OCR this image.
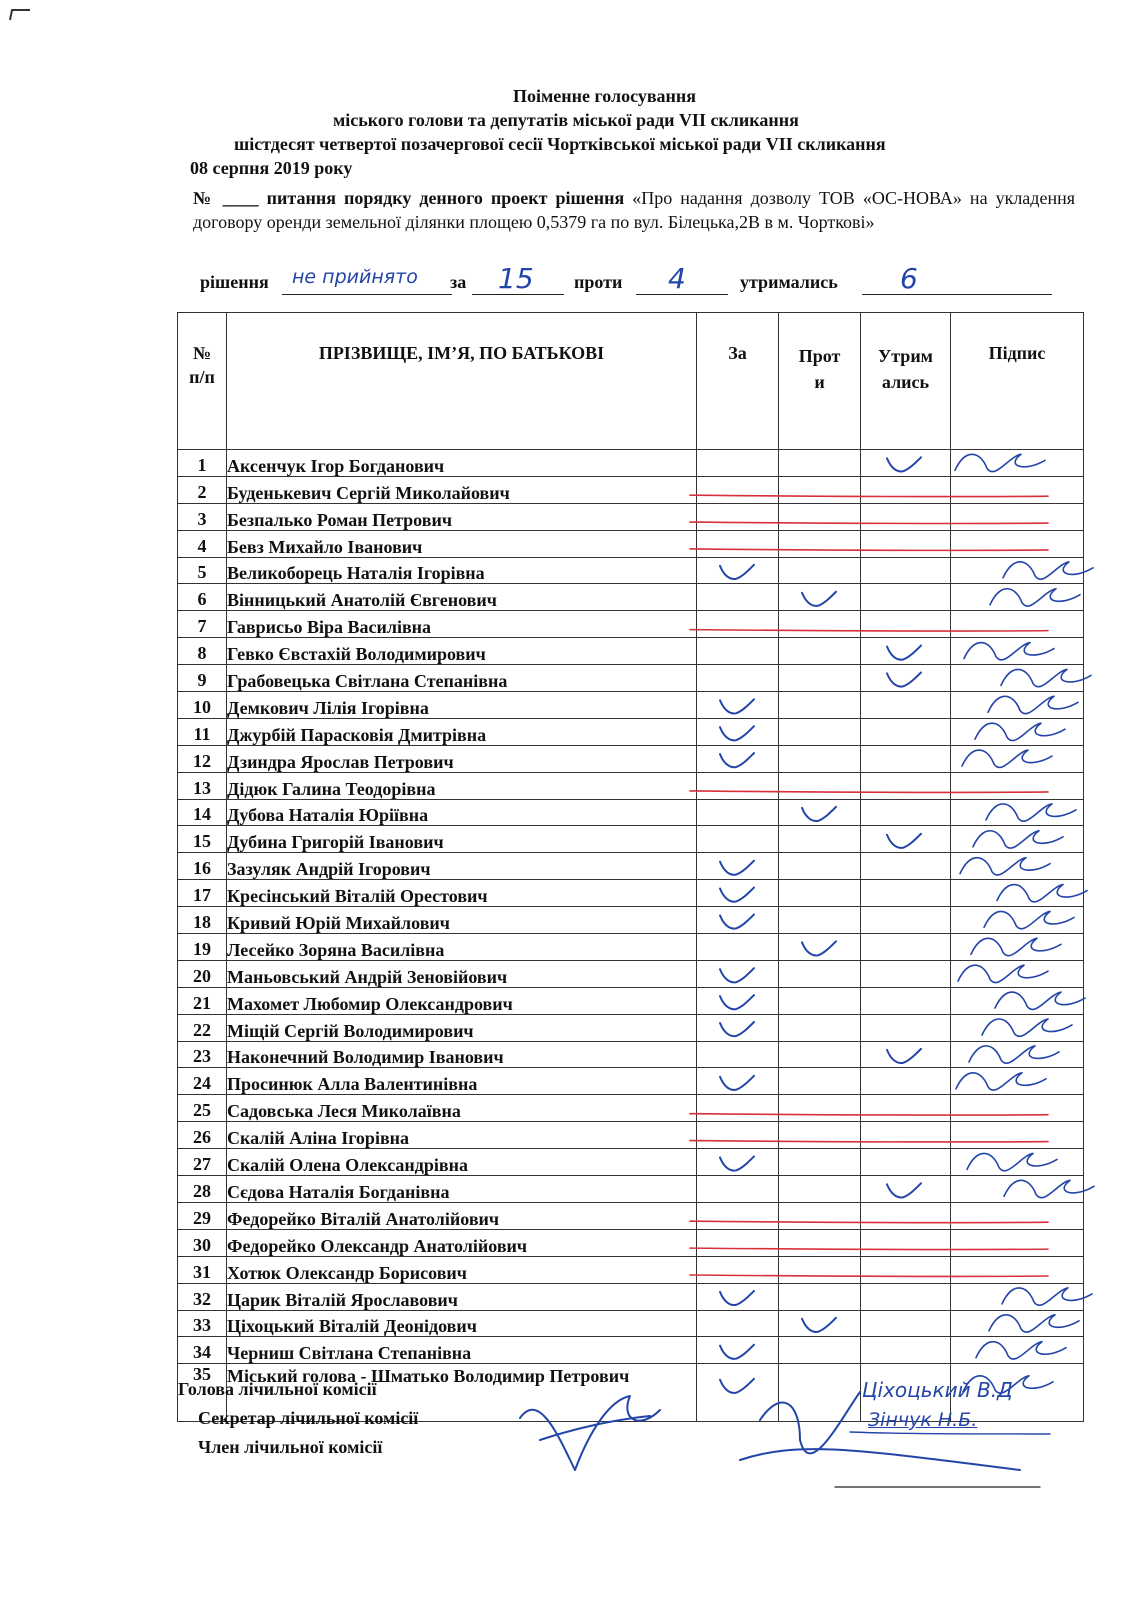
Поіменне голосування
міського голови та депутатів міської ради VII скликання
шістдесят четвертої позачергової сесії Чортківської міської ради VII скликання
08 серпня 2019 року
№ ____ питання порядку денного проект рішення «Про надання дозволу ТОВ «ОС-НОВА» на укладення договору оренди земельної ділянки площею 0,5379 га по вул. Білецька,2В в м. Чорткові»
рішення не прийнято за 15 проти 4	утримались 6
№ п/п	ПРІЗВИЩЕ, ІМ’Я, ПО БАТЬКОВІ	За	Проти	Утримались	Підпис
1	Аксенчук Ігор Богданович				
2	Буденькевич Сергій Миколайович				
3	Безпалько Роман Петрович				
4	Бевз Михайло Іванович				
5	Великоборець Наталія Ігорівна				
6	Вінницький Анатолій Євгенович				
7	Гаврисьо Віра Василівна				
8	Гевко Євстахій Володимирович				
9	Грабовецька Світлана Степанівна				
10	Демкович Лілія Ігорівна				
11	Джурбій Парасковія Дмитрівна				
12	Дзиндра Ярослав Петрович				
13	Дідюк Галина Теодорівна				
14	Дубова Наталія Юріївна				
15	Дубина Григорій Іванович				
16	Зазуляк Андрій Ігорович				
17	Кресінський Віталій Орестович				
18	Кривий Юрій Михайлович				
19	Лесейко Зоряна Василівна				
20	Маньовський Андрій Зеновійович				
21	Махомет Любомир Олександрович				
22	Міщій Сергій Володимирович				
23	Наконечний Володимир Іванович				
24	Просинюк Алла Валентинівна				
25	Садовська Леся Миколаївна				
26	Скалій Аліна Ігорівна				
27	Скалій Олена Олександрівна				
28	Сєдова Наталія Богданівна				
29	Федорейко Віталій Анатолійович				
30	Федорейко Олександр Анатолійович				
31	Хотюк Олександр Борисович				
32	Царик Віталій Ярославович				
33	Ціхоцький Віталій Деонідович				
34	Черниш Світлана Степанівна				
35	Міський голова - Шматько Володимир Петрович				
Голова лічильної комісії
Секретар лічильної комісії
Член лічильної комісії
Ціхоцький В.Д
Зінчук Н.Б.
